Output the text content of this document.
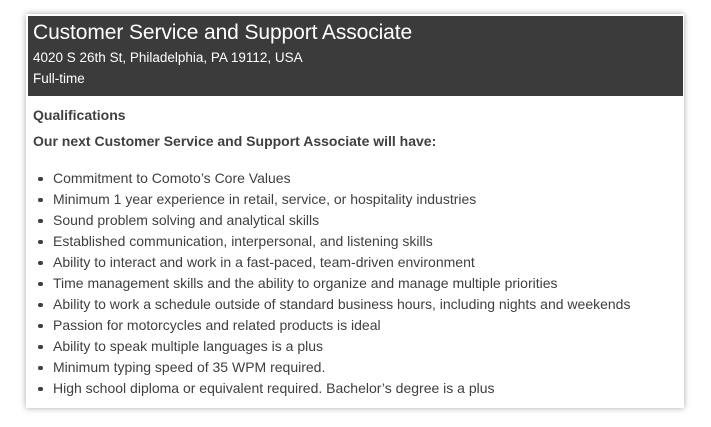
Customer Service and Support Associate
4020 S 26th St, Philadelphia, PA 19112, USA
Full-time
Qualifications
Our next Customer Service and Support Associate will have:
Commitment to Comoto’s Core Values
Minimum 1 year experience in retail, service, or hospitality industries
Sound problem solving and analytical skills
Established communication, interpersonal, and listening skills
Ability to interact and work in a fast-paced, team-driven environment
Time management skills and the ability to organize and manage multiple priorities
Ability to work a schedule outside of standard business hours, including nights and weekends
Passion for motorcycles and related products is ideal
Ability to speak multiple languages is a plus
Minimum typing speed of 35 WPM required.
High school diploma or equivalent required. Bachelor’s degree is a plus
